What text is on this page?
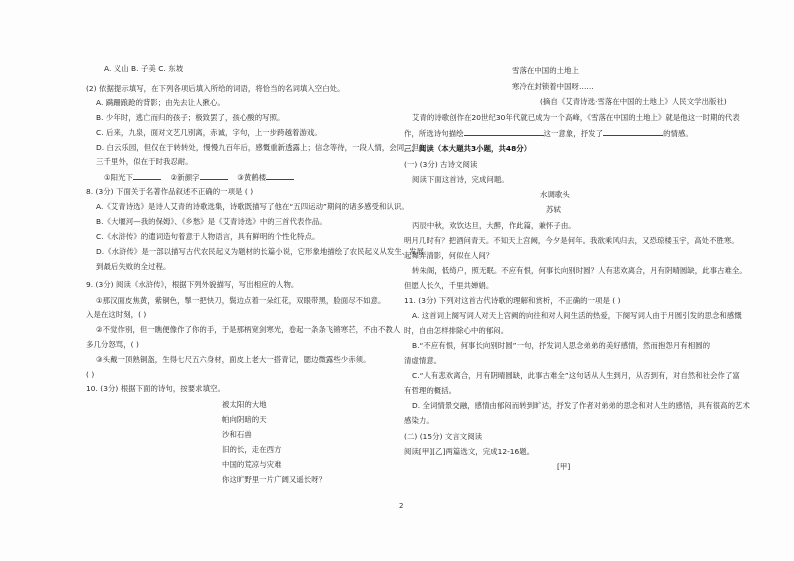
A. 义山 B. 子美 C. 东坡
(2) 依据提示填写，在下列各项后填入所给的词语，将恰当的名词填入空白处。
A. 蹒跚踉跄的背影；由先去让人揪心。
B. 少年时，逃亡而归的孩子；极致罢了，孩心酸的写照。
C. 后来，九泉，面对文艺几别离，赤诚，字句，上一步跨越着游戏。
D. 白云乐园，但仅在于转转处，慢慢九百年后，感慨重新透露上；信念等待，一段人情，会同，但在
三千里外，似在于时我忍耐。
①阳光下	②新颜字	③黄鹤楼
8. (3分) 下面关于名著作品叙述不正确的一项是 ( )
A.《艾青诗选》是诗人艾青的诗歌选集，诗歌既描写了他在“五四运动”期间的诸多感受和认识。
B.《大堰河—我的保姆》、《乡愁》是《艾青诗选》中的三首代表作品。
C.《水浒传》的遣词造句着意于人物语言，具有鲜明的个性化特点。
D.《水浒传》是一部以描写古代农民起义为题材的长篇小说，它形象地描绘了农民起义从发生、发展
到最后失败的全过程。
9. (3分) 阅读《水浒传》，根据下列外貌描写，写出相应的人物。
①那汉面皮焦黄，紫铜色，掣一把快刀，鬓边点着一朵红花，双眼带黑，脸面尽不如意。
入是在这时刻，( )
②不觉作别，但一瞧便像作了你的手，于是那柄宽剑寒光，卷起一条条飞锵寒芒，不由不教人
多几分怒骂，( )
③头戴一顶熟铜盔，生得七尺五六身材，面皮上老大一搭青记，腮边微露些少赤须。
( )
10. (3分) 根据下面的诗句，按要求填空。
被太阳的大地
帕向阴暗的天
沙和石兽
旧的长，走在西方
中国的荒凉与灾难
你这旷野里一片广阔又遥长呀？
雪落在中国的土地上
寒冷在封锁着中国呀……
(摘自《艾青诗选·雪落在中国的土地上》人民文学出版社)
艾青的诗歌创作在20世纪30年代就已成为一个高峰，《雪落在中国的土地上》就是他这一时期的代表
作，所选诗句描绘	这一意象，抒发了	的情感。
三、阅读（本大题共3小题，共48分）
(一) (3分) 古诗文阅读
阅读下面这首诗，完成问题。
水调歌头
苏轼
丙辰中秋，欢饮达旦，大醉，作此篇，兼怀子由。
明月几时有？把酒问青天。不知天上宫阙，今夕是何年。我欲乘风归去，又恐琼楼玉宇，高处不胜寒。
起舞弄清影，何似在人间？
转朱阁，低绮户，照无眠。不应有恨，何事长向别时圆？人有悲欢离合，月有阴晴圆缺，此事古难全。
但愿人长久，千里共婵娟。
11. (3分) 下列对这首古代诗歌的理解和赏析，不正确的一项是 ( )
A. 这首词上阕写词人对天上宫阙的向往和对人间生活的热爱，下阕写词人由于月圆引发的思念和感慨
时，自由怎样排除心中的郁闷。
B.“不应有恨，何事长向别时圆”一句，抒发词人思念弟弟的美好感情，然而抱怨月有相圆的
清虚情意。
C.“人有悲欢离合，月有阴晴圆缺，此事古难全”这句话从人生到月，从否到有，对自然和社会作了富
有哲理的概括。
D. 全词情景交融，感情由郁闷而转到旷达，抒发了作者对弟弟的思念和对人生的感悟，具有很高的艺术
感染力。
(二) (15分) 文言文阅读
阅读[甲][乙]两篇选文，完成12-16题。
[甲]
2
